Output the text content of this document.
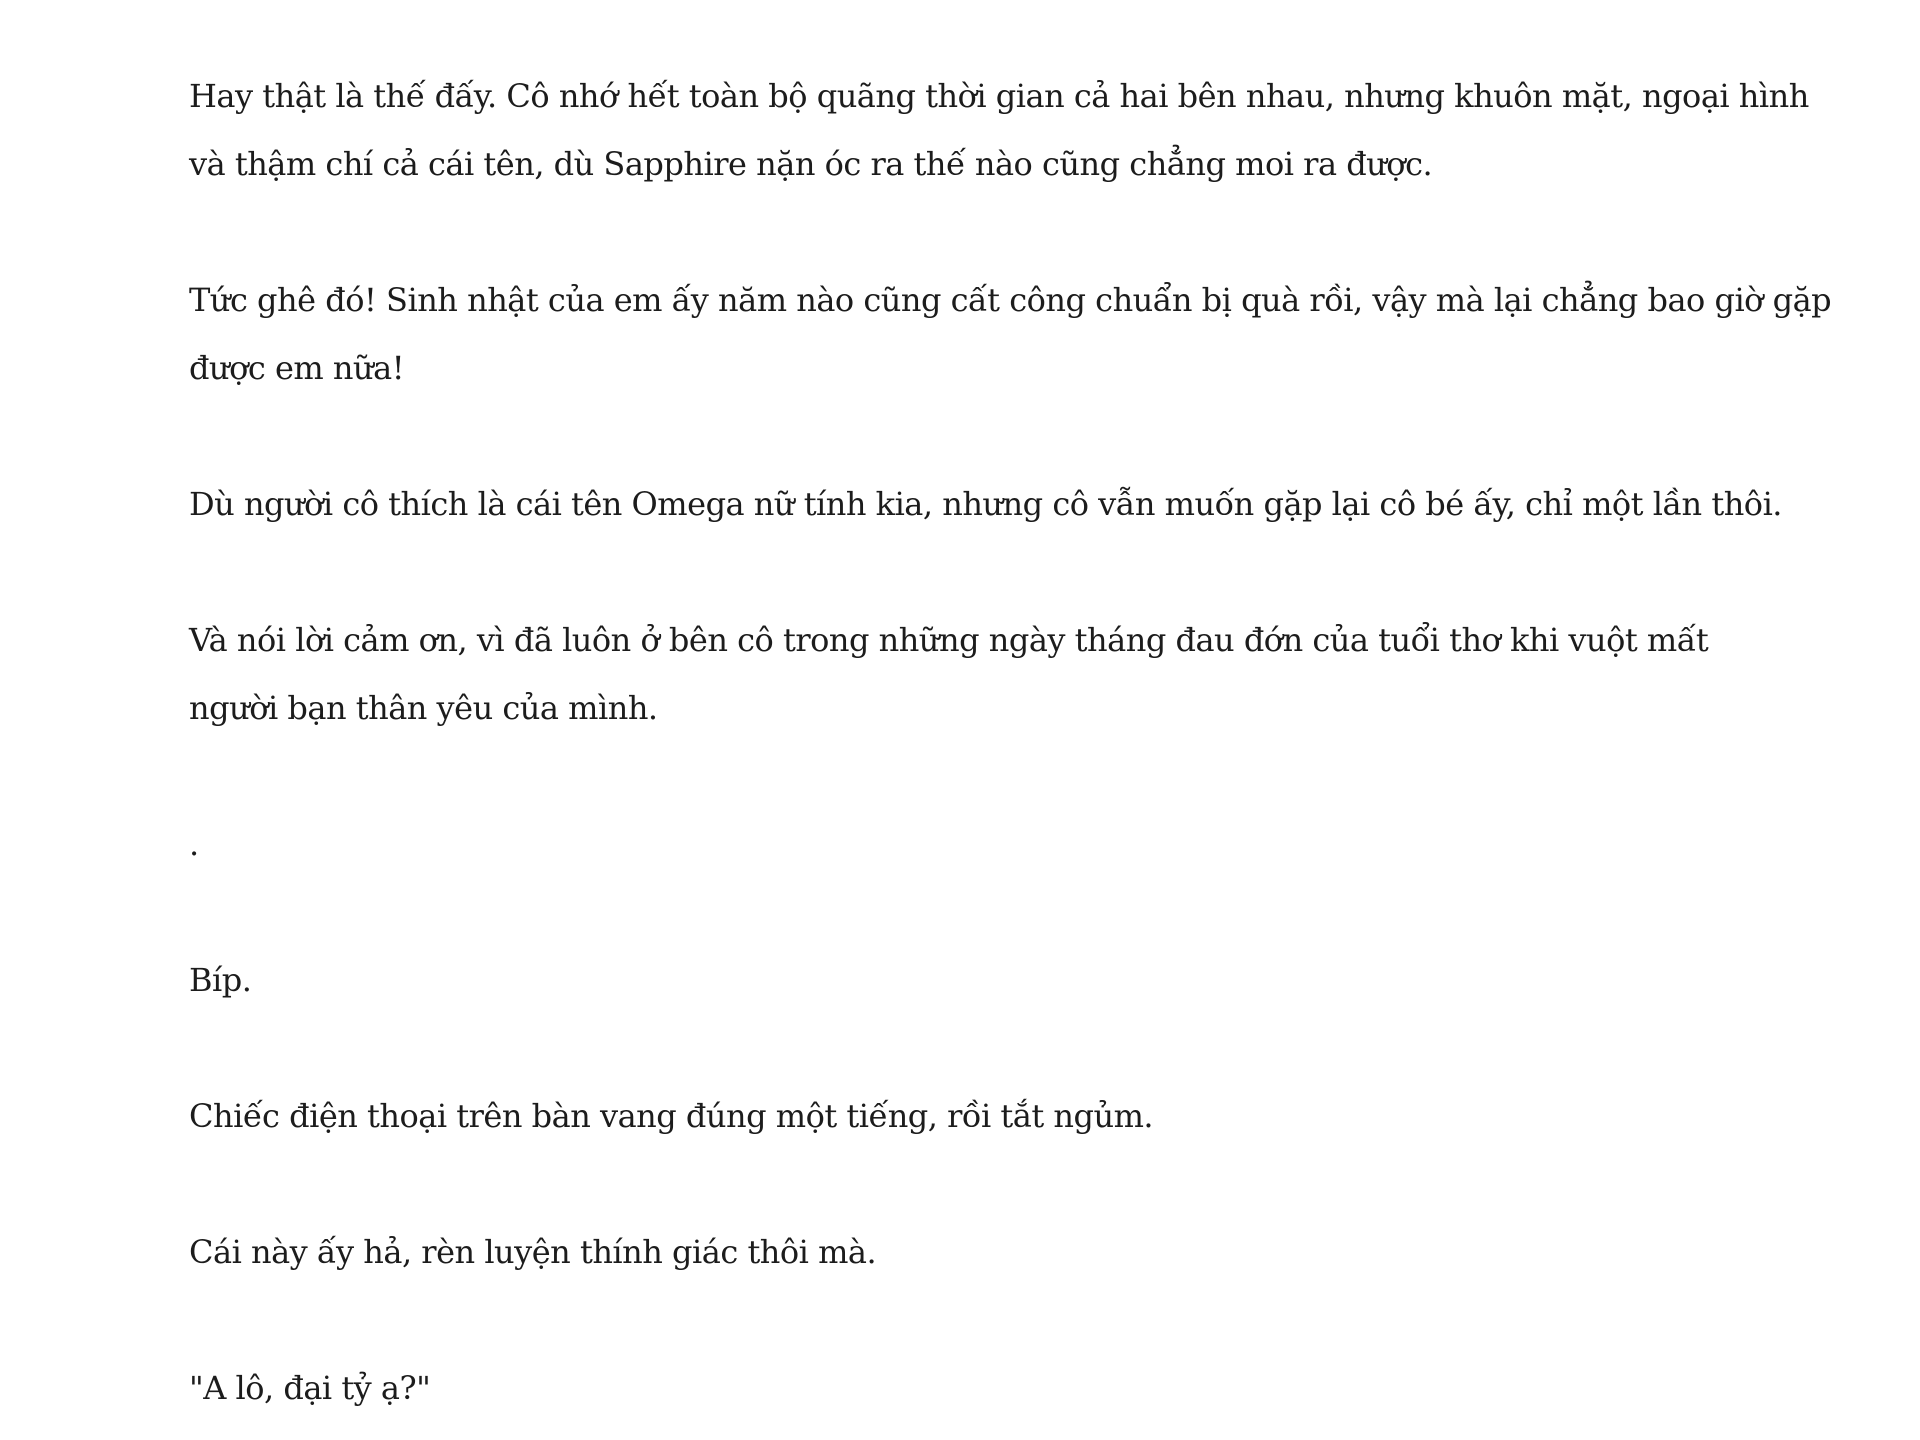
Hay thật là thế đấy. Cô nhớ hết toàn bộ quãng thời gian cả hai bên nhau, nhưng khuôn mặt, ngoại hình
và thậm chí cả cái tên, dù Sapphire nặn óc ra thế nào cũng chẳng moi ra được.
Tức ghê đó! Sinh nhật của em ấy năm nào cũng cất công chuẩn bị quà rồi, vậy mà lại chẳng bao giờ gặp
được em nữa!
Dù người cô thích là cái tên Omega nữ tính kia, nhưng cô vẫn muốn gặp lại cô bé ấy, chỉ một lần thôi.
Và nói lời cảm ơn, vì đã luôn ở bên cô trong những ngày tháng đau đớn của tuổi thơ khi vuột mất
người bạn thân yêu của mình.
.
Bíp.
Chiếc điện thoại trên bàn vang đúng một tiếng, rồi tắt ngủm.
Cái này ấy hả, rèn luyện thính giác thôi mà.
"A lô, đại tỷ ạ?"
